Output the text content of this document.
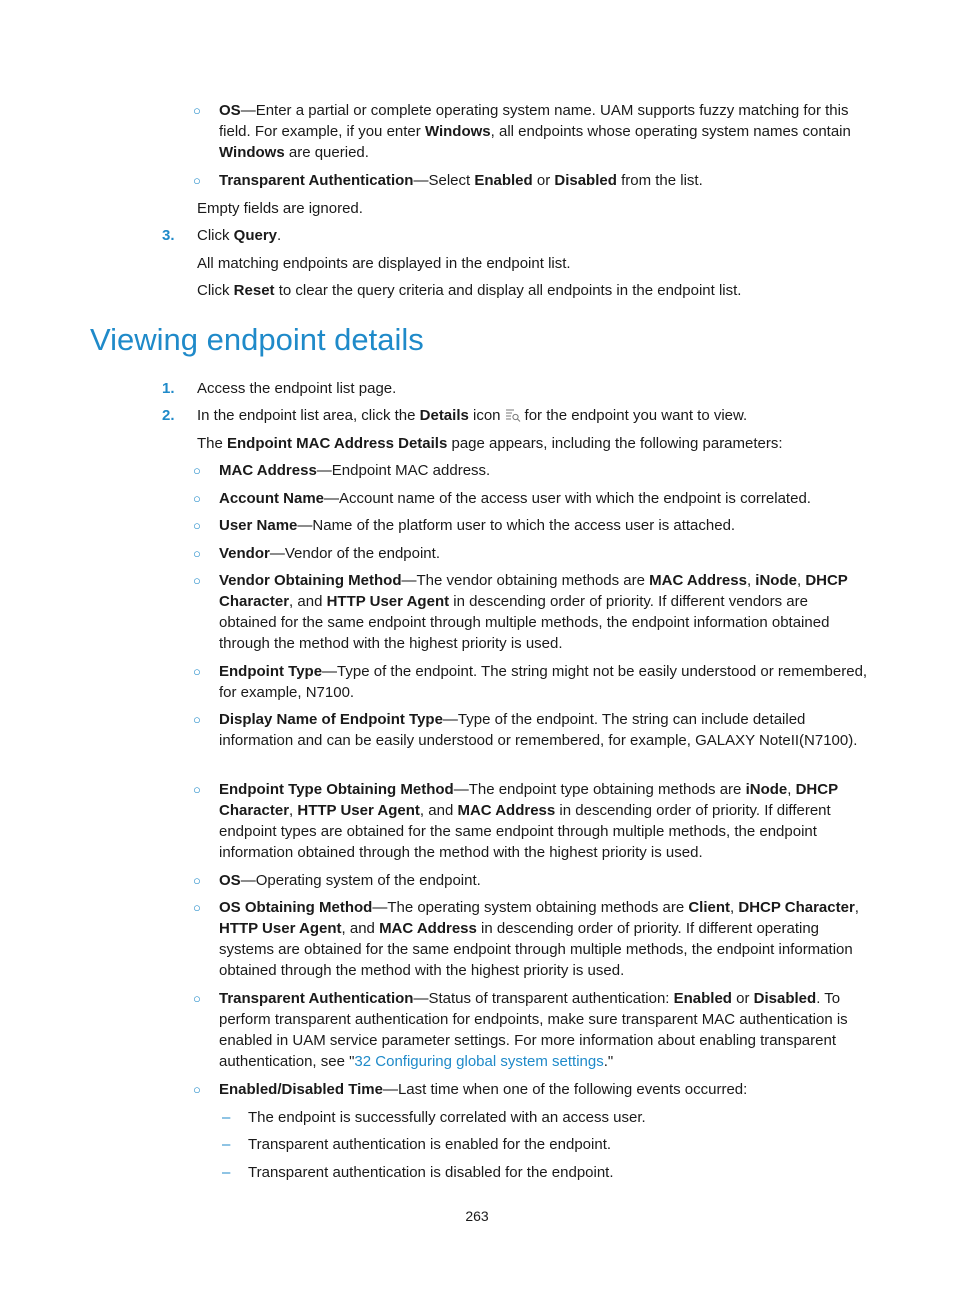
○ OS—Enter a partial or complete operating system name. UAM supports fuzzy matching for this field. For example, if you enter Windows, all endpoints whose operating system names contain Windows are queried.
○ Transparent Authentication—Select Enabled or Disabled from the list.
Empty fields are ignored.
3. Click Query.
All matching endpoints are displayed in the endpoint list.
Click Reset to clear the query criteria and display all endpoints in the endpoint list.
Viewing endpoint details
1. Access the endpoint list page.
2. In the endpoint list area, click the Details icon for the endpoint you want to view.
The Endpoint MAC Address Details page appears, including the following parameters:
○ MAC Address—Endpoint MAC address.
○ Account Name—Account name of the access user with which the endpoint is correlated.
○ User Name—Name of the platform user to which the access user is attached.
○ Vendor—Vendor of the endpoint.
○ Vendor Obtaining Method—The vendor obtaining methods are MAC Address, iNode, DHCP Character, and HTTP User Agent in descending order of priority. If different vendors are obtained for the same endpoint through multiple methods, the endpoint information obtained through the method with the highest priority is used.
○ Endpoint Type—Type of the endpoint. The string might not be easily understood or remembered, for example, N7100.
○ Display Name of Endpoint Type—Type of the endpoint. The string can include detailed information and can be easily understood or remembered, for example, GALAXY NoteII(N7100).
○ Endpoint Type Obtaining Method—The endpoint type obtaining methods are iNode, DHCP Character, HTTP User Agent, and MAC Address in descending order of priority. If different endpoint types are obtained for the same endpoint through multiple methods, the endpoint information obtained through the method with the highest priority is used.
○ OS—Operating system of the endpoint.
○ OS Obtaining Method—The operating system obtaining methods are Client, DHCP Character, HTTP User Agent, and MAC Address in descending order of priority. If different operating systems are obtained for the same endpoint through multiple methods, the endpoint information obtained through the method with the highest priority is used.
○ Transparent Authentication—Status of transparent authentication: Enabled or Disabled. To perform transparent authentication for endpoints, make sure transparent MAC authentication is enabled in UAM service parameter settings. For more information about enabling transparent authentication, see "32 Configuring global system settings."
○ Enabled/Disabled Time—Last time when one of the following events occurred:
– The endpoint is successfully correlated with an access user.
– Transparent authentication is enabled for the endpoint.
– Transparent authentication is disabled for the endpoint.
263
